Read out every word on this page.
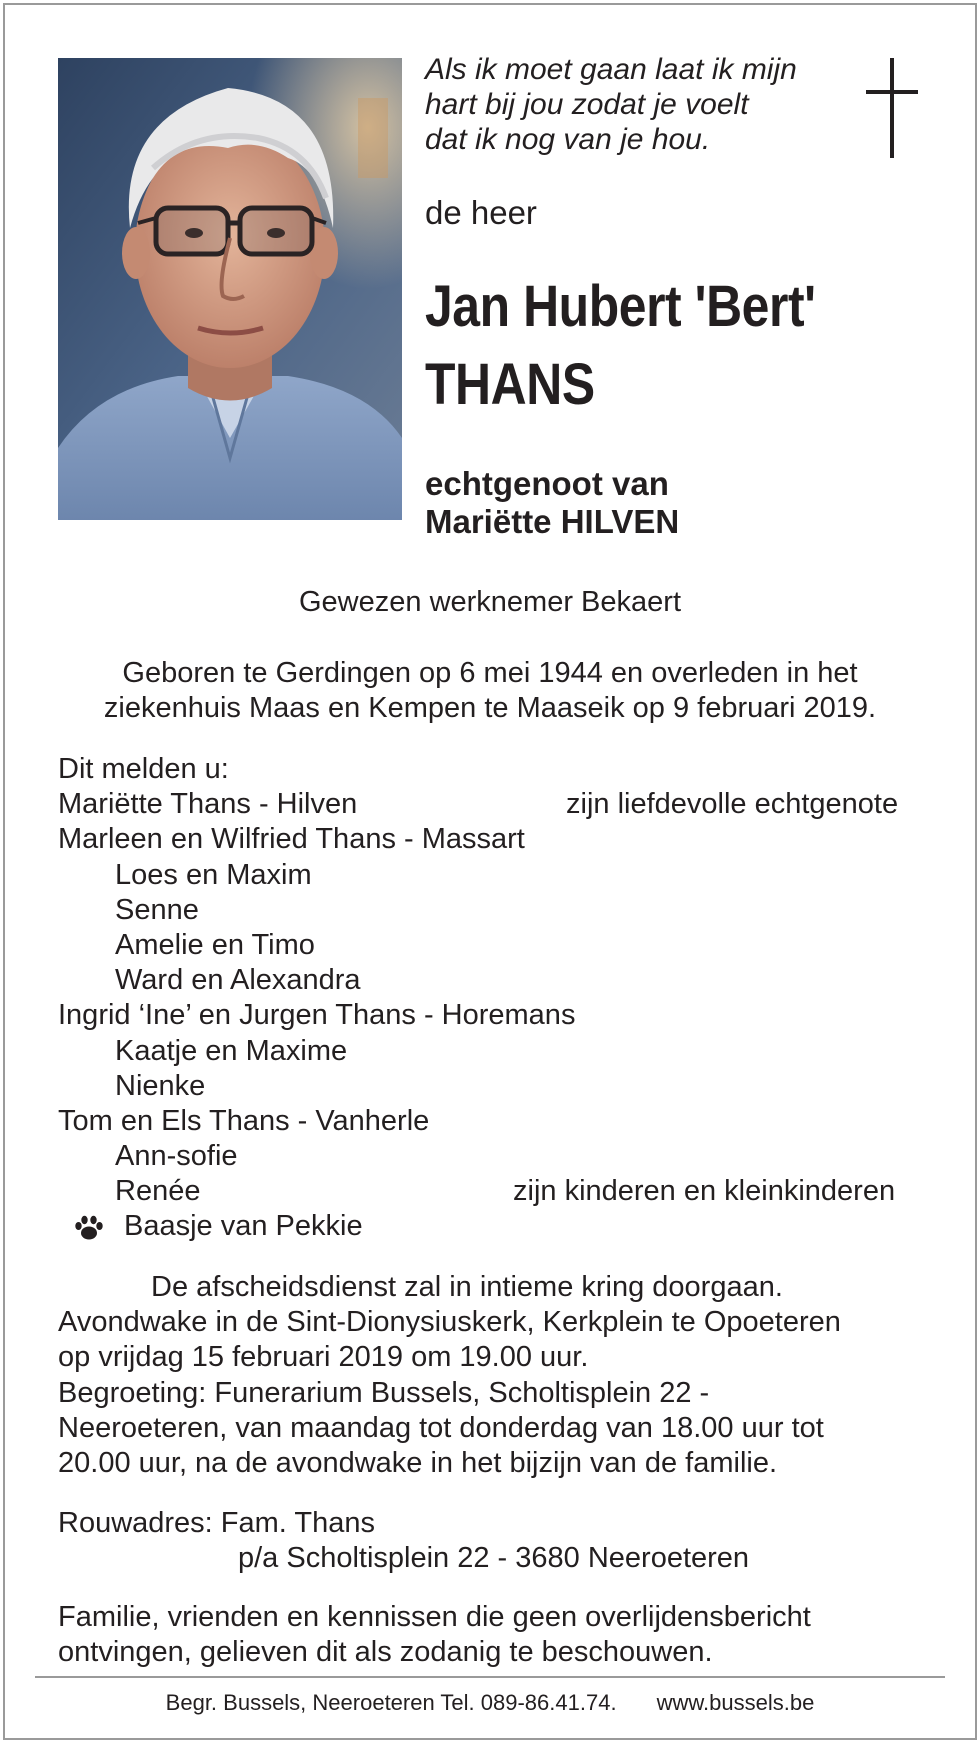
Als ik moet gaan laat ik mijn
hart bij jou zodat je voelt
dat ik nog van je hou.
de heer
Jan Hubert 'Bert'
THANS
echtgenoot van
Mariëtte HILVEN
Gewezen werknemer Bekaert
Geboren te Gerdingen op 6 mei 1944 en overleden in het
ziekenhuis Maas en Kempen te Maaseik op 9 februari 2019.
Dit melden u:
Mariëtte Thans - Hilven	zijn liefdevolle echtgenote
Marleen en Wilfried Thans - Massart
Loes en Maxim
Senne
Amelie en Timo
Ward en Alexandra
Ingrid ‘Ine’ en Jurgen Thans - Horemans
Kaatje en Maxime
Nienke
Tom en Els Thans - Vanherle
Ann-sofie
Renée	zijn kinderen en kleinkinderen
Baasje van Pekkie
De afscheidsdienst zal in intieme kring doorgaan.
Avondwake in de Sint-Dionysiuskerk, Kerkplein te Opoeteren
op vrijdag 15 februari 2019 om 19.00 uur.
Begroeting: Funerarium Bussels, Scholtisplein 22 -
Neeroeteren, van maandag tot donderdag van 18.00 uur tot
20.00 uur, na de avondwake in het bijzijn van de familie.
Rouwadres: Fam. Thans
p/a Scholtisplein 22 - 3680 Neeroeteren
Familie, vrienden en kennissen die geen overlijdensbericht
ontvingen, gelieven dit als zodanig te beschouwen.
Begr. Bussels, Neeroeteren Tel. 089-86.41.74. www.bussels.be
